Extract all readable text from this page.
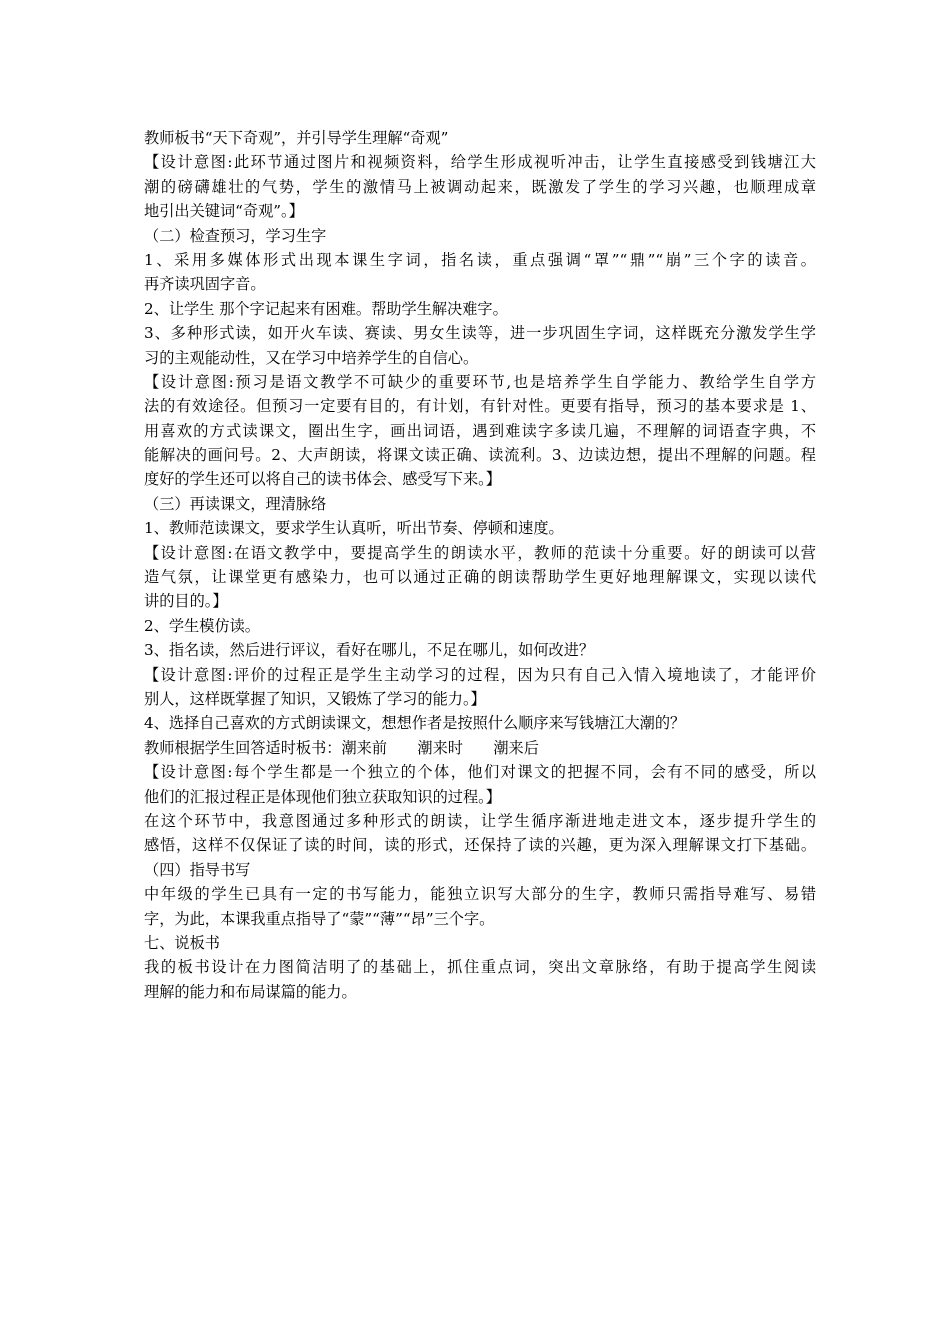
教师板书“天下奇观”，并引导学生理解“奇观”
【设计意图:此环节通过图片和视频资料，给学生形成视听冲击，让学生直接感受到钱塘江大
潮的磅礴雄壮的气势，学生的激情马上被调动起来，既激发了学生的学习兴趣，也顺理成章
地引出关键词“奇观”。】
（二）检查预习，学习生字
1、采用多媒体形式出现本课生字词，指名读，重点强调“罩”“鼎”“崩”三个字的读音。
再齐读巩固字音。
2、让学生 那个字记起来有困难。帮助学生解决难字。
3、多种形式读，如开火车读、赛读、男女生读等，进一步巩固生字词，这样既充分激发学生学
习的主观能动性，又在学习中培养学生的自信心。
【设计意图:预习是语文教学不可缺少的重要环节,也是培养学生自学能力、教给学生自学方
法的有效途径。但预习一定要有目的，有计划，有针对性。更要有指导，预习的基本要求是 1、
用喜欢的方式读课文，圈出生字，画出词语，遇到难读字多读几遍，不理解的词语查字典，不
能解决的画问号。2、大声朗读，将课文读正确、读流利。3、边读边想，提出不理解的问题。程
度好的学生还可以将自己的读书体会、感受写下来。】
（三）再读课文，理清脉络
1、教师范读课文，要求学生认真听，听出节奏、停顿和速度。
【设计意图:在语文教学中，要提高学生的朗读水平，教师的范读十分重要。好的朗读可以营
造气氛，让课堂更有感染力，也可以通过正确的朗读帮助学生更好地理解课文，实现以读代
讲的目的。】
2、学生模仿读。
3、指名读，然后进行评议，看好在哪儿，不足在哪儿，如何改进？
【设计意图:评价的过程正是学生主动学习的过程，因为只有自己入情入境地读了，才能评价
别人，这样既掌握了知识，又锻炼了学习的能力。】
4、选择自己喜欢的方式朗读课文，想想作者是按照什么顺序来写钱塘江大潮的？
教师根据学生回答适时板书：潮来前　　潮来时　　潮来后
【设计意图:每个学生都是一个独立的个体，他们对课文的把握不同，会有不同的感受，所以
他们的汇报过程正是体现他们独立获取知识的过程。】
在这个环节中，我意图通过多种形式的朗读，让学生循序渐进地走进文本，逐步提升学生的
感悟，这样不仅保证了读的时间，读的形式，还保持了读的兴趣，更为深入理解课文打下基础。
（四）指导书写
中年级的学生已具有一定的书写能力，能独立识写大部分的生字，教师只需指导难写、易错
字，为此，本课我重点指导了“蒙”“薄”“昂”三个字。
七、说板书
我的板书设计在力图简洁明了的基础上，抓住重点词，突出文章脉络，有助于提高学生阅读
理解的能力和布局谋篇的能力。
